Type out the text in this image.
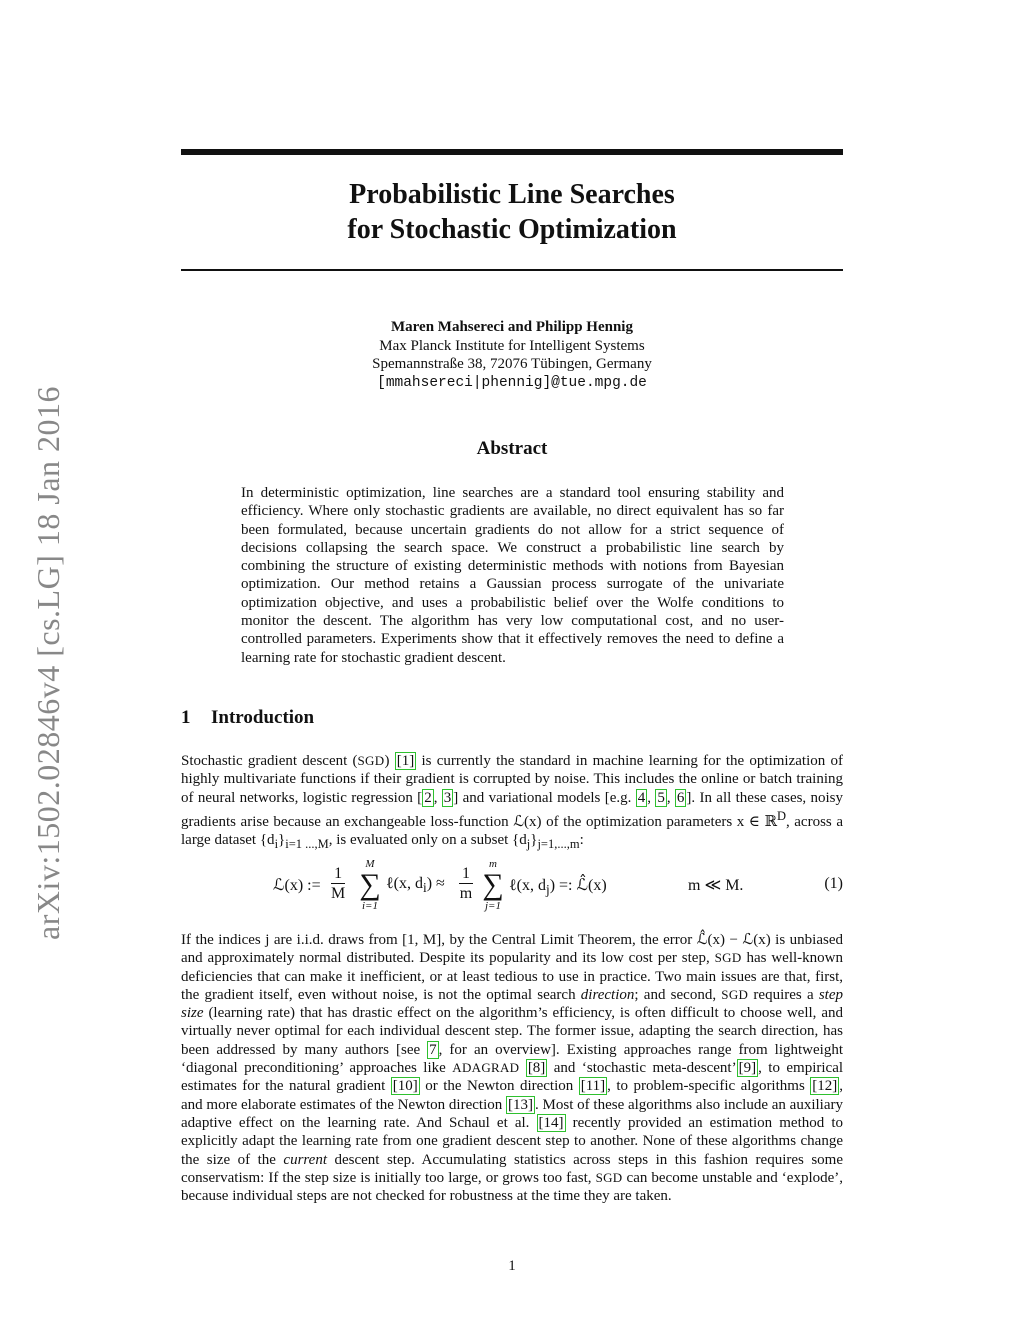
arXiv:1502.02846v4 [cs.LG] 18 Jan 2016
Probabilistic Line Searches
for Stochastic Optimization
Maren Mahsereci and Philipp Hennig
Max Planck Institute for Intelligent Systems
Spemannstraße 38, 72076 Tübingen, Germany
[mmahsereci|phennig]@tue.mpg.de
Abstract
In deterministic optimization, line searches are a standard tool ensuring stability and efficiency. Where only stochastic gradients are available, no direct equivalent has so far been formulated, because uncertain gradients do not allow for a strict sequence of decisions collapsing the search space. We construct a probabilistic line search by combining the structure of existing deterministic methods with notions from Bayesian optimization. Our method retains a Gaussian process surrogate of the univariate optimization objective, and uses a probabilistic belief over the Wolfe conditions to monitor the descent. The algorithm has very low computational cost, and no user-controlled parameters. Experiments show that it effectively removes the need to define a learning rate for stochastic gradient descent.
1 Introduction
Stochastic gradient descent (SGD) [1] is currently the standard in machine learning for the optimization of highly multivariate functions if their gradient is corrupted by noise. This includes the online or batch training of neural networks, logistic regression [ 2 , 3 ] and variational models [e.g. 4 , 5 , 6 ]. In all these cases, noisy gradients arise because an exchangeable loss-function ℒ(x) of the optimization parameters x ∈ ℝ$^D$, across a large dataset $\{d_i\}_{i=1 ...,M}$, is evaluated only on a subset $\{d_j\}_{j=1,...,m}$:
ℒ(x) := $\frac{1}{M}$
M
∑
i=1
ℓ(x, $d_i) \approx \frac{1}{m}$
m
∑
j=1
ℓ(x, $d_j$) =: ℒ̂(x)	m ≪ M.	(1)
If the indices j are i.i.d. draws from [1, M], by the Central Limit Theorem, the error ℒ̂(x) − ℒ(x) is unbiased and approximately normal distributed. Despite its popularity and its low cost per step, SGD has well-known deficiencies that can make it inefficient, or at least tedious to use in practice. Two main issues are that, first, the gradient itself, even without noise, is not the optimal search direction; and second, SGD requires a step size (learning rate) that has drastic effect on the algorithm’s efficiency, is often difficult to choose well, and virtually never optimal for each individual descent step. The former issue, adapting the search direction, has been addressed by many authors [see 7 , for an overview]. Existing approaches range from lightweight ‘diagonal preconditioning’ approaches like ADAGRAD [8] and ‘stochastic meta-descent’ [9] , to empirical estimates for the natural gradient [10] or the Newton direction [11] , to problem-specific algorithms [12] , and more elaborate estimates of the Newton direction [13] . Most of these algorithms also include an auxiliary adaptive effect on the learning rate. And Schaul et al. [14] recently provided an estimation method to explicitly adapt the learning rate from one gradient descent step to another. None of these algorithms change the size of the current descent step. Accumulating statistics across steps in this fashion requires some conservatism: If the step size is initially too large, or grows too fast, SGD can become unstable and ‘explode’, because individual steps are not checked for robustness at the time they are taken.
1
